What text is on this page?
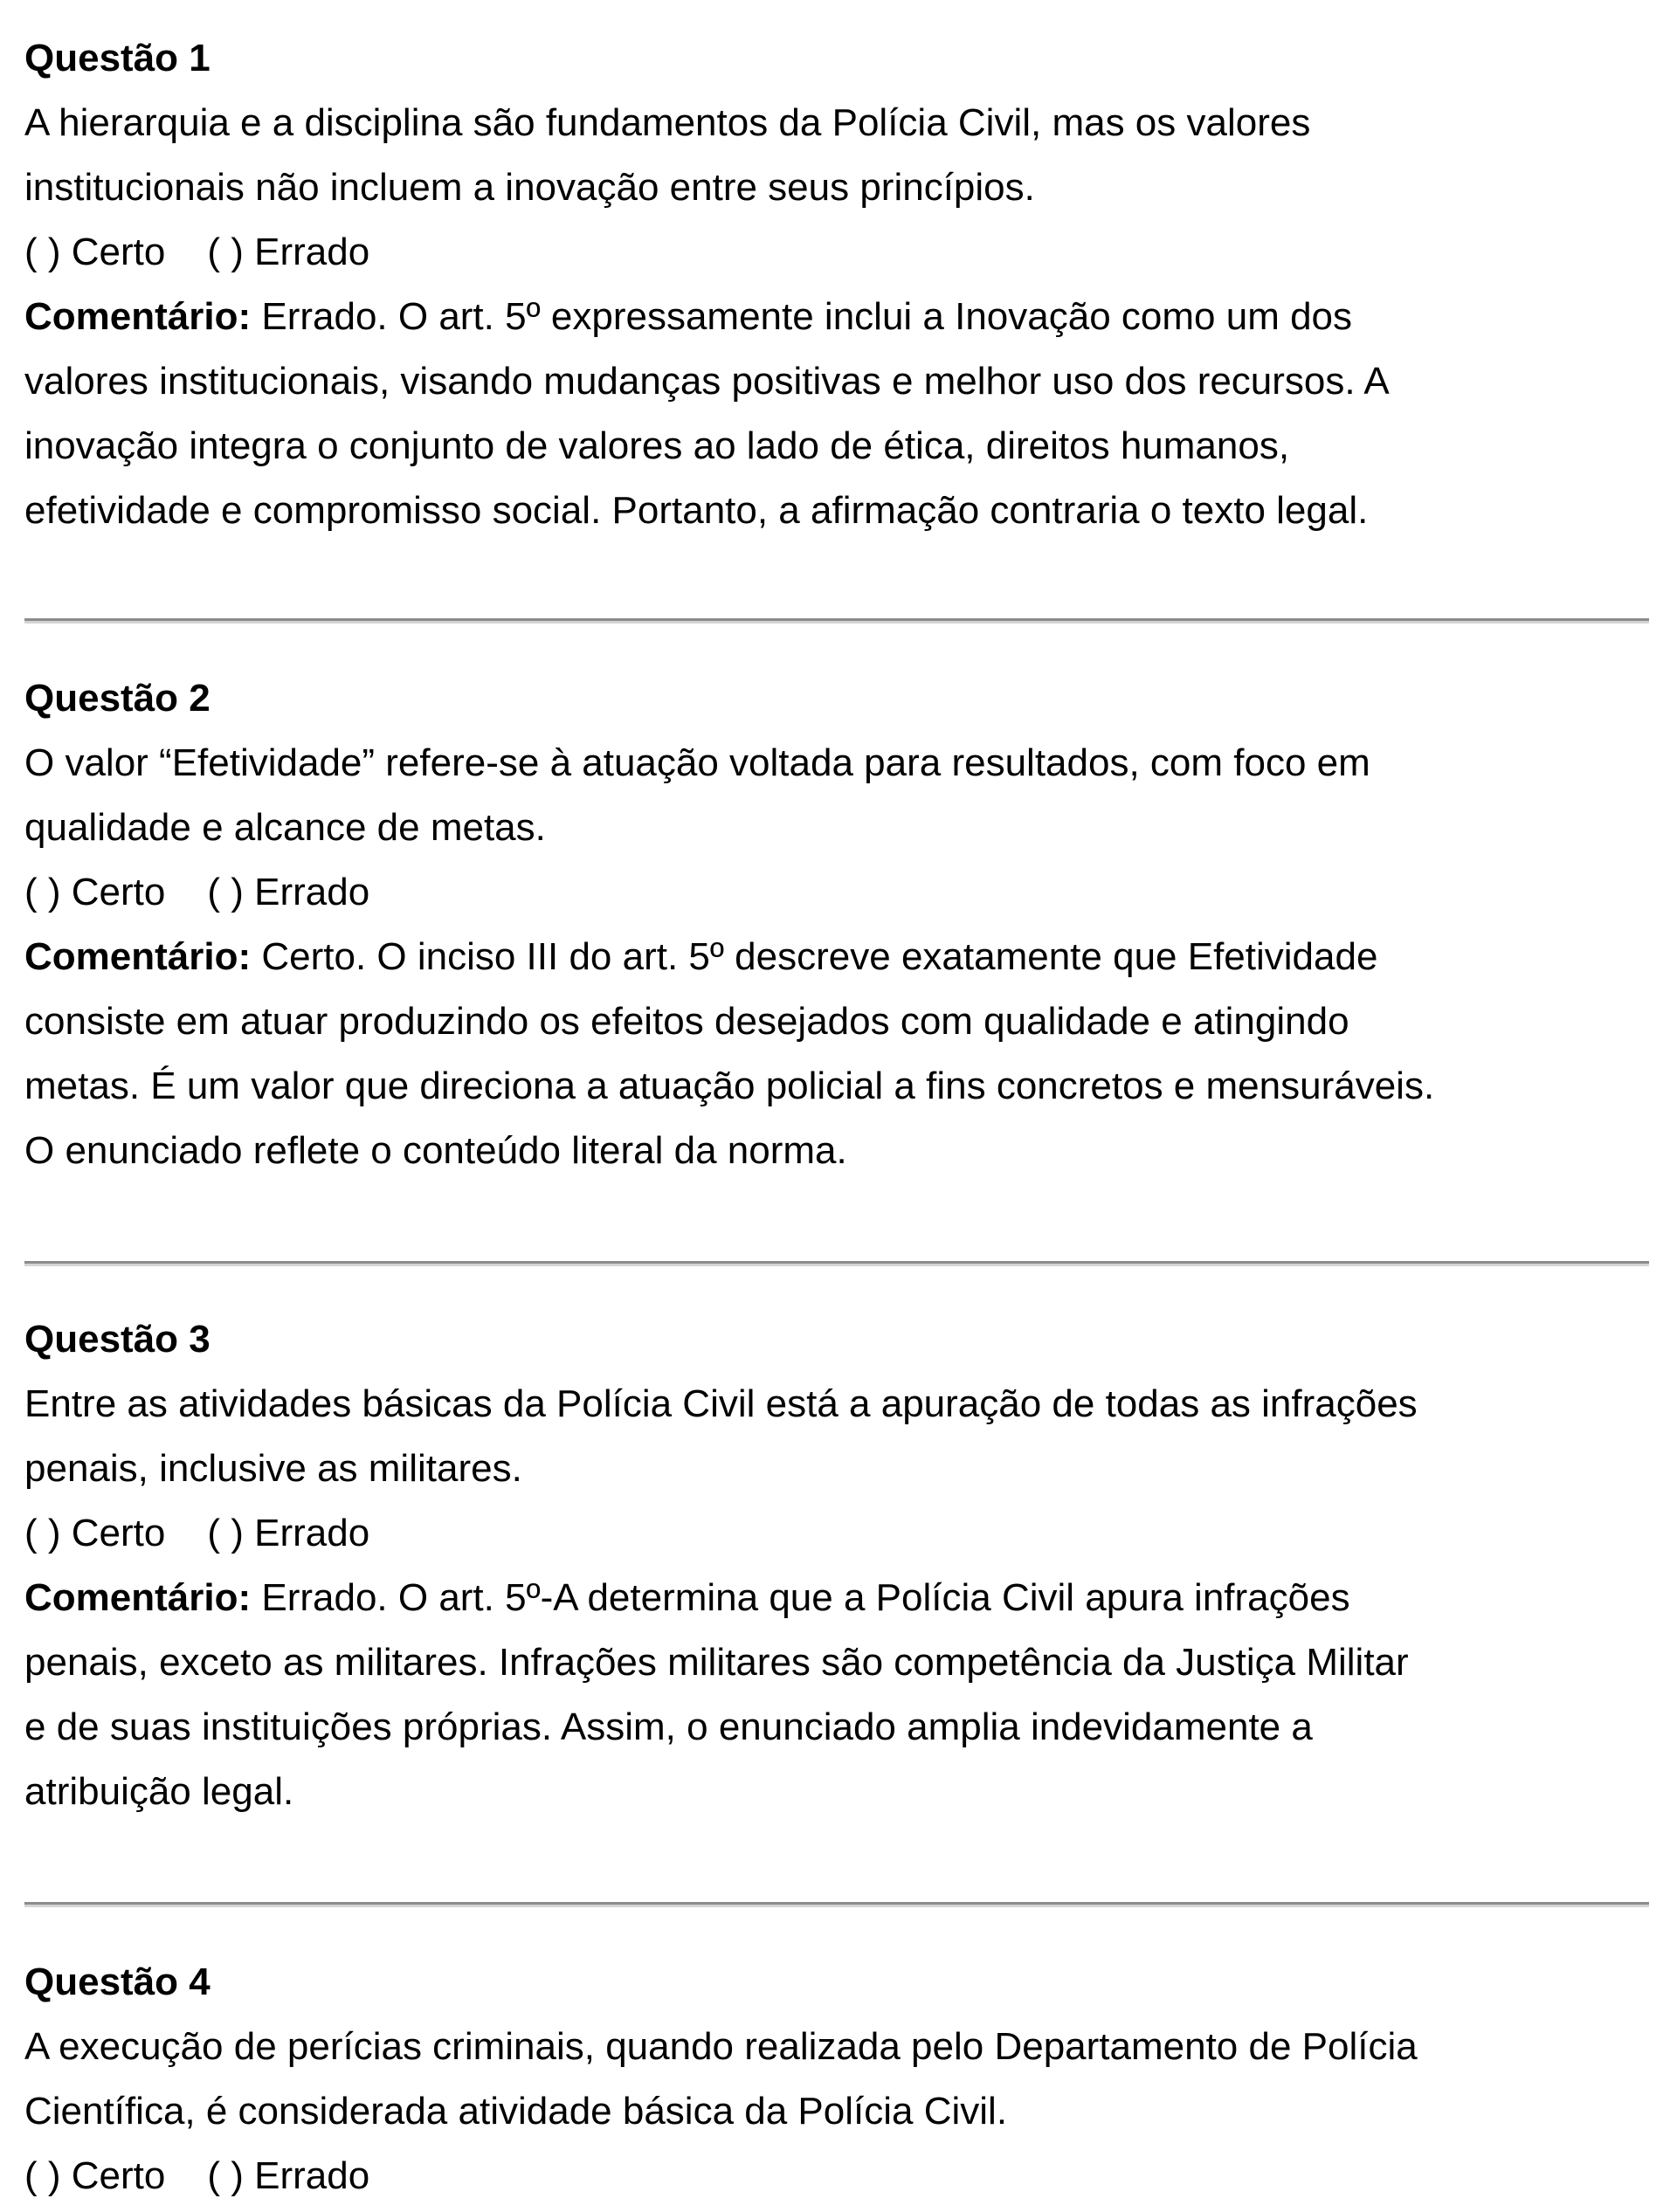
Questão 1

A hierarquia e a disciplina são fundamentos da Polícia Civil, mas os valores

institucionais não incluem a inovação entre seus princípios.

( ) Certo ( ) Errado

Comentário: Errado. O art. 5º expressamente inclui a Inovação como um dos

valores institucionais, visando mudanças positivas e melhor uso dos recursos. A

inovação integra o conjunto de valores ao lado de ética, direitos humanos,

efetividade e compromisso social. Portanto, a afirmação contraria o texto legal.

Questão 2

O valor “Efetividade” refere-se à atuação voltada para resultados, com foco em

qualidade e alcance de metas.

( ) Certo ( ) Errado

Comentário: Certo. O inciso III do art. 5º descreve exatamente que Efetividade

consiste em atuar produzindo os efeitos desejados com qualidade e atingindo

metas. É um valor que direciona a atuação policial a fins concretos e mensuráveis.

O enunciado reflete o conteúdo literal da norma.

Questão 3

Entre as atividades básicas da Polícia Civil está a apuração de todas as infrações

penais, inclusive as militares.

( ) Certo ( ) Errado

Comentário: Errado. O art. 5º-A determina que a Polícia Civil apura infrações

penais, exceto as militares. Infrações militares são competência da Justiça Militar

e de suas instituições próprias. Assim, o enunciado amplia indevidamente a

atribuição legal.

Questão 4

A execução de perícias criminais, quando realizada pelo Departamento de Polícia

Científica, é considerada atividade básica da Polícia Civil.

( ) Certo ( ) Errado
